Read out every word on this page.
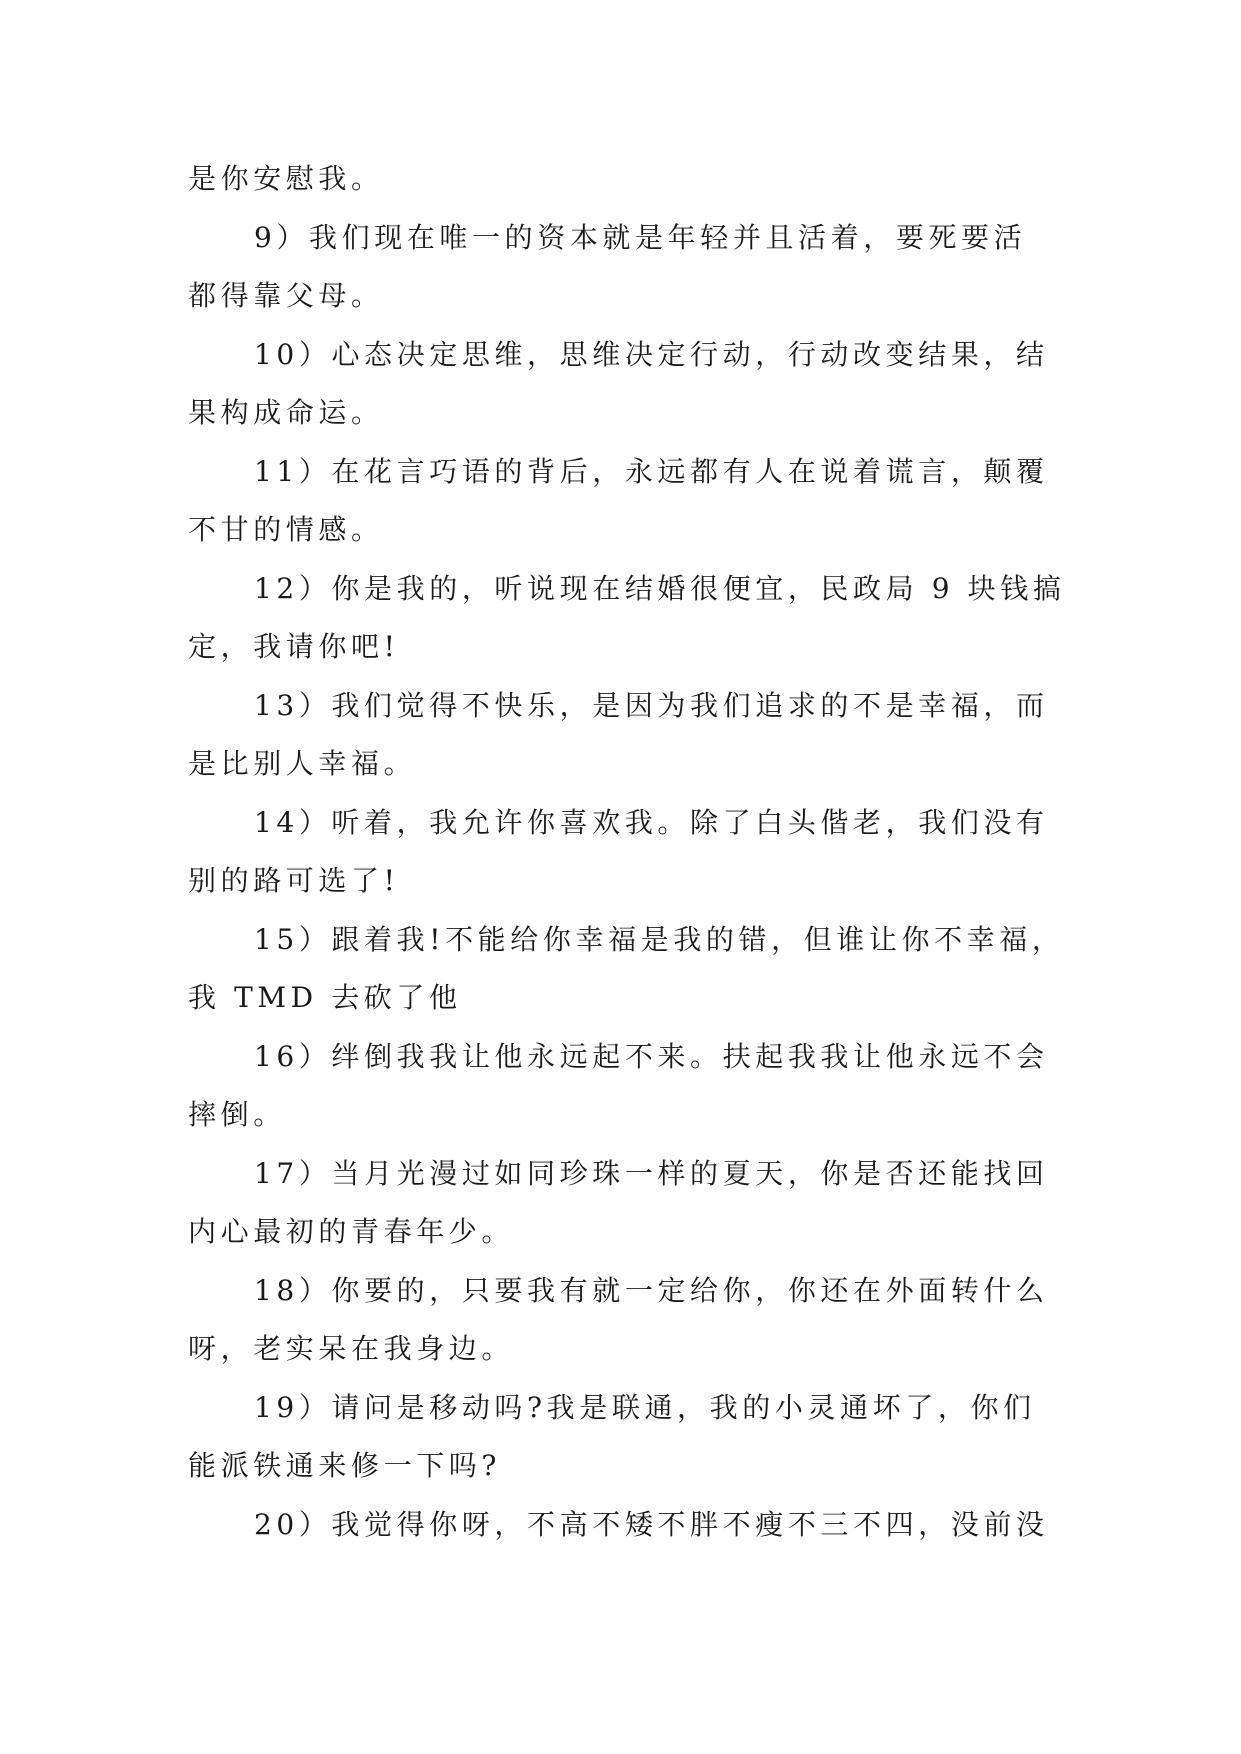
是你安慰我。
9）我们现在唯一的资本就是年轻并且活着，要死要活
都得靠父母。
10）心态决定思维，思维决定行动，行动改变结果，结
果构成命运。
11）在花言巧语的背后，永远都有人在说着谎言，颠覆
不甘的情感。
12）你是我的，听说现在结婚很便宜，民政局 9 块钱搞
定，我请你吧!
13）我们觉得不快乐，是因为我们追求的不是幸福，而
是比别人幸福。
14）听着，我允许你喜欢我。除了白头偕老，我们没有
别的路可选了!
15）跟着我!不能给你幸福是我的错，但谁让你不幸福，
我 TMD 去砍了他
16）绊倒我我让他永远起不来。扶起我我让他永远不会
摔倒。
17）当月光漫过如同珍珠一样的夏天，你是否还能找回
内心最初的青春年少。
18）你要的，只要我有就一定给你，你还在外面转什么
呀，老实呆在我身边。
19）请问是移动吗?我是联通，我的小灵通坏了，你们
能派铁通来修一下吗?
20）我觉得你呀，不高不矮不胖不瘦不三不四，没前没
